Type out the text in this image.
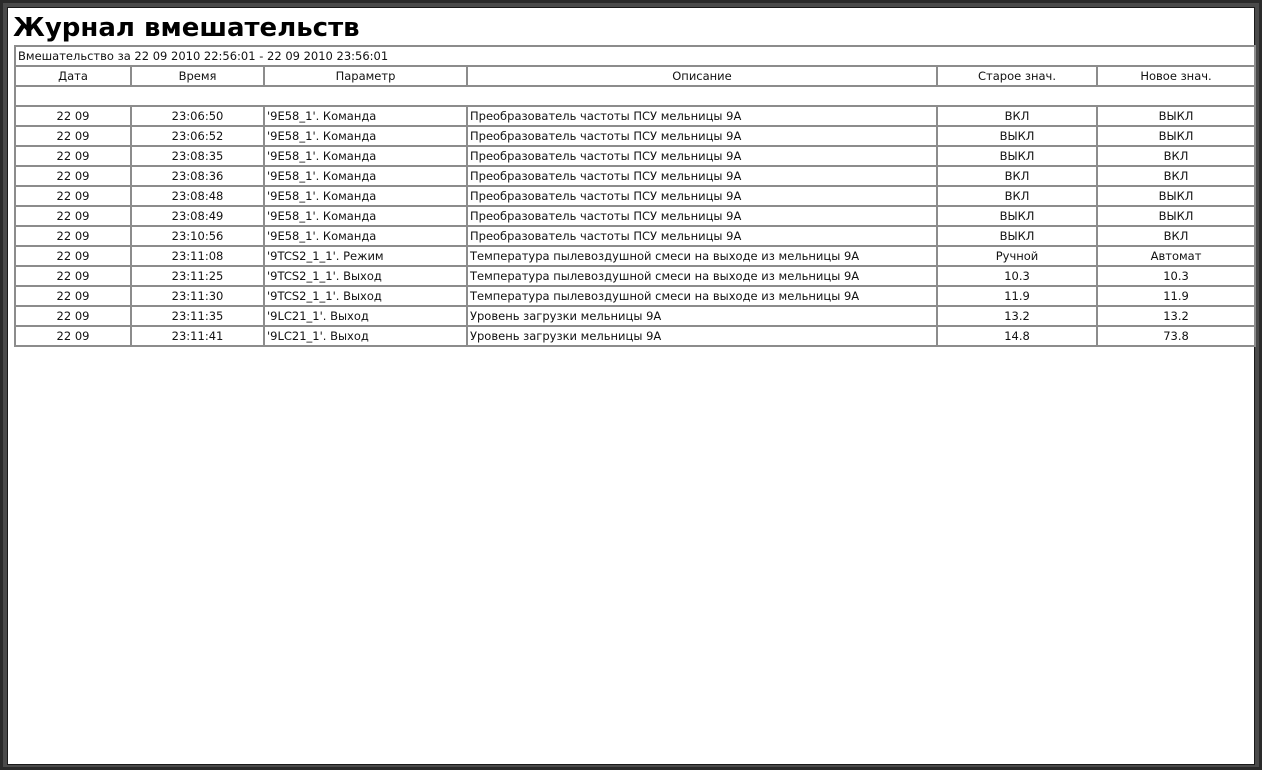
Журнал вмешательств
Вмешательство за 22 09 2010 22:56:01 - 22 09 2010 23:56:01					
Дата	Время	Параметр	Описание	Старое знач.	Новое знач.

22 09	23:06:50	'9E58_1'. Команда	Преобразователь частоты ПСУ мельницы 9А	ВКЛ	ВЫКЛ
22 09	23:06:52	'9E58_1'. Команда	Преобразователь частоты ПСУ мельницы 9А	ВЫКЛ	ВЫКЛ
22 09	23:08:35	'9E58_1'. Команда	Преобразователь частоты ПСУ мельницы 9А	ВЫКЛ	ВКЛ
22 09	23:08:36	'9E58_1'. Команда	Преобразователь частоты ПСУ мельницы 9А	ВКЛ	ВКЛ
22 09	23:08:48	'9E58_1'. Команда	Преобразователь частоты ПСУ мельницы 9А	ВКЛ	ВЫКЛ
22 09	23:08:49	'9E58_1'. Команда	Преобразователь частоты ПСУ мельницы 9А	ВЫКЛ	ВЫКЛ
22 09	23:10:56	'9E58_1'. Команда	Преобразователь частоты ПСУ мельницы 9А	ВЫКЛ	ВКЛ
22 09	23:11:08	'9TCS2_1_1'. Режим	Температура пылевоздушной смеси на выходе из мельницы 9А	Ручной	Автомат
22 09	23:11:25	'9TCS2_1_1'. Выход	Температура пылевоздушной смеси на выходе из мельницы 9А	10.3	10.3
22 09	23:11:30	'9TCS2_1_1'. Выход	Температура пылевоздушной смеси на выходе из мельницы 9А	11.9	11.9
22 09	23:11:35	'9LC21_1'. Выход	Уровень загрузки мельницы 9А	13.2	13.2
22 09	23:11:41	'9LC21_1'. Выход	Уровень загрузки мельницы 9А	14.8	73.8
